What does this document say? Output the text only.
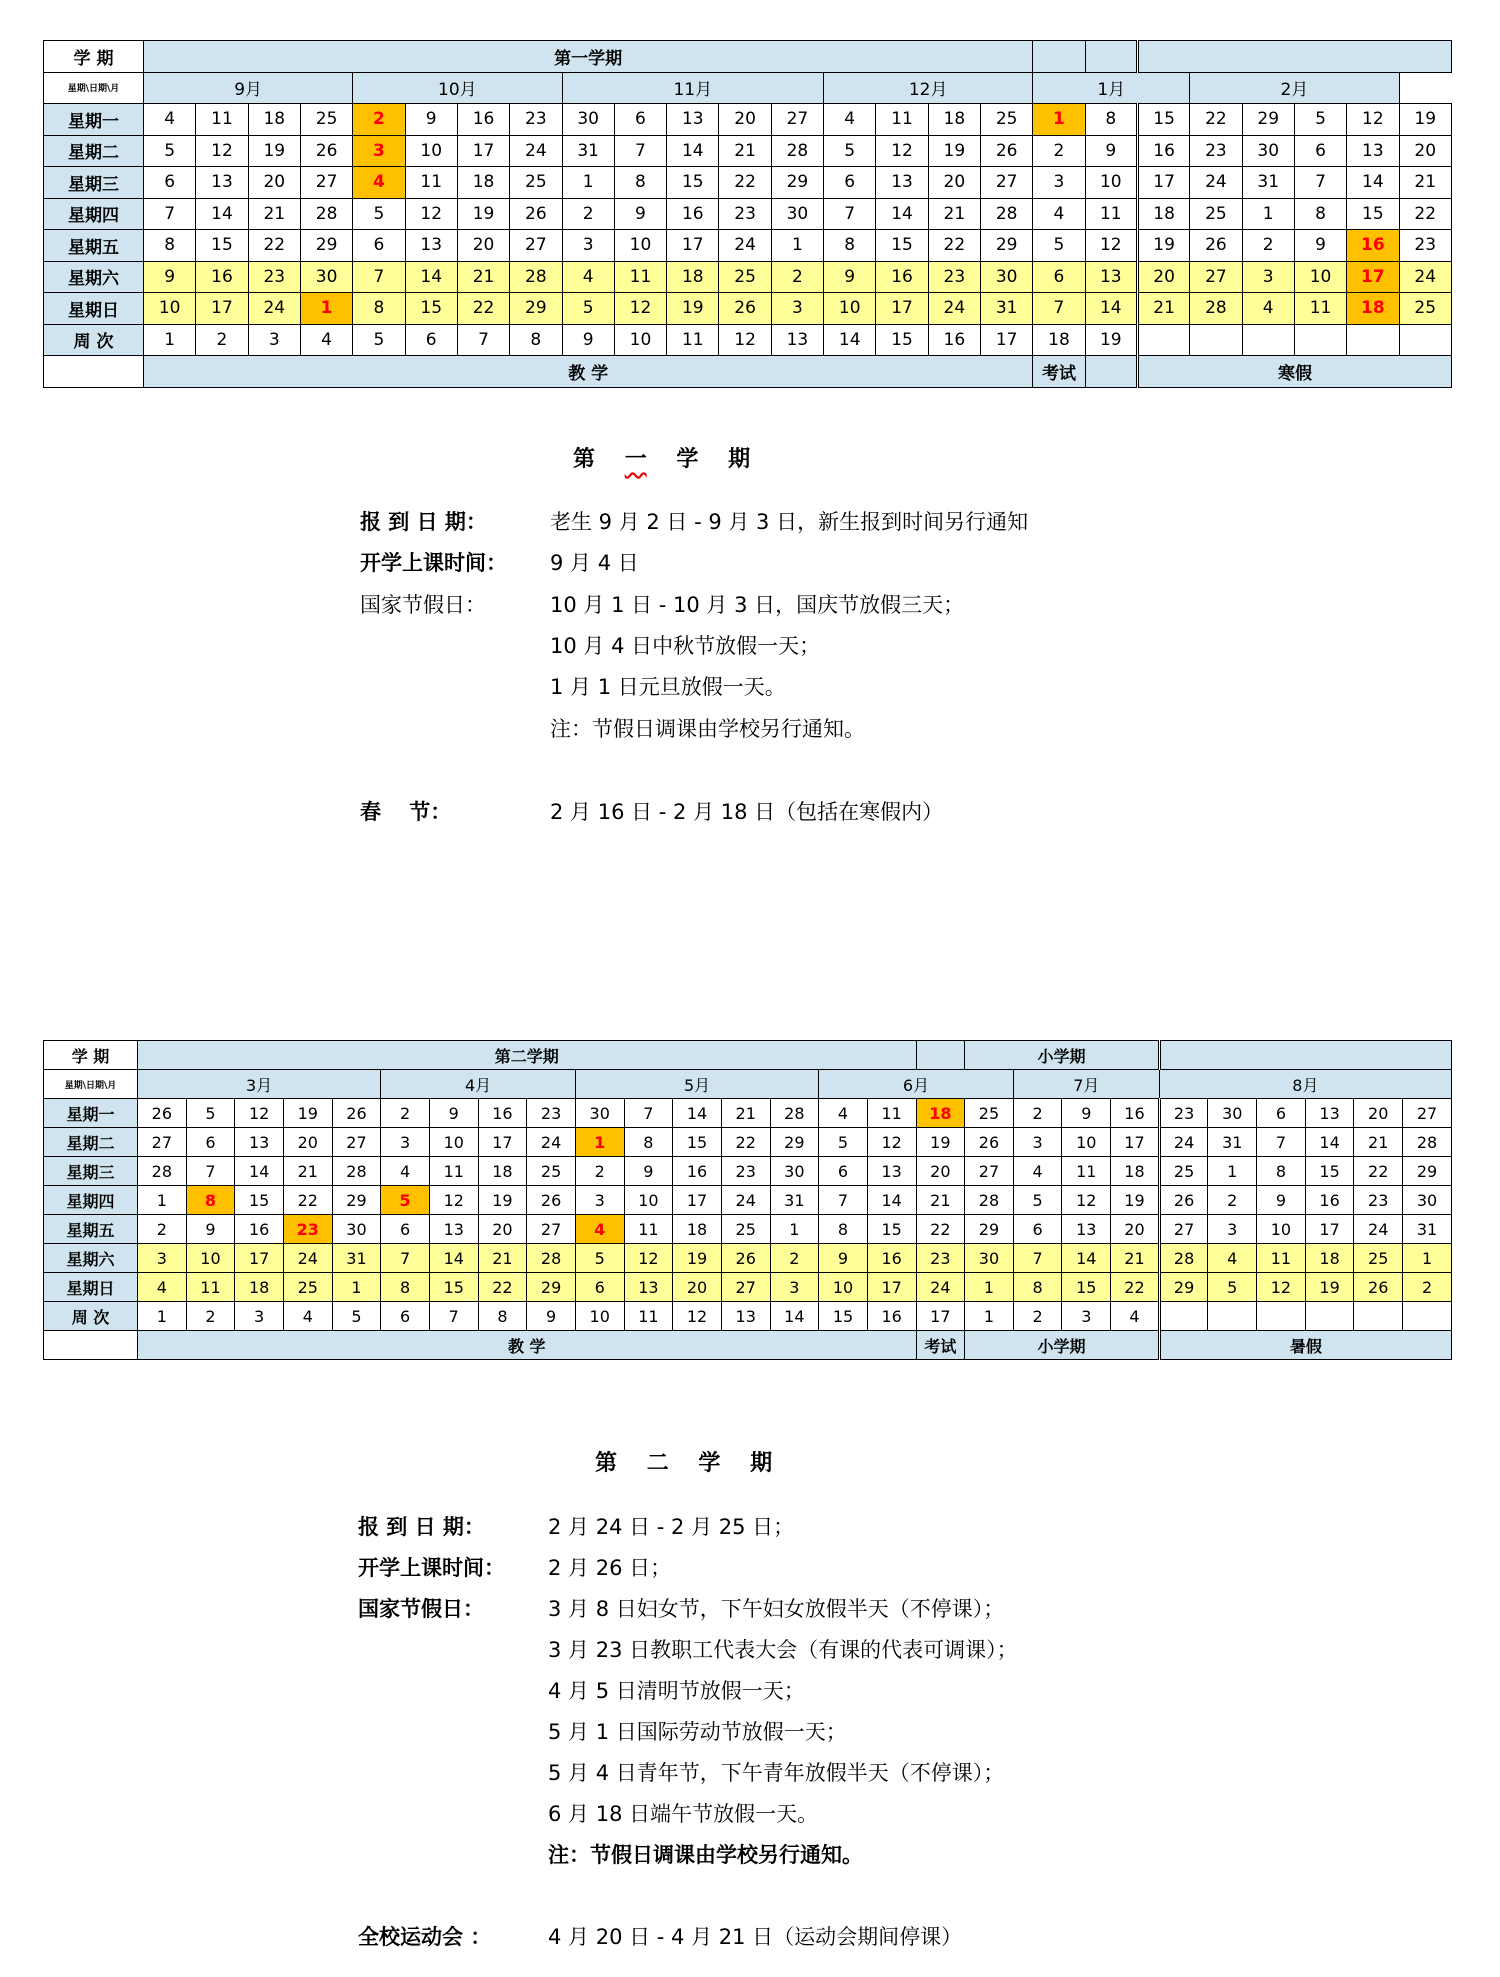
学 期	第一学期																								
星期\日期\月	9月				10月				11月					12月				1月			2月				
星期一	4	11	18	25	2	9	16	23	30	6	13	20	27	4	11	18	25	1	8	15	22	29	5	12	19
星期二	5	12	19	26	3	10	17	24	31	7	14	21	28	5	12	19	26	2	9	16	23	30	6	13	20
星期三	6	13	20	27	4	11	18	25	1	8	15	22	29	6	13	20	27	3	10	17	24	31	7	14	21
星期四	7	14	21	28	5	12	19	26	2	9	16	23	30	7	14	21	28	4	11	18	25	1	8	15	22
星期五	8	15	22	29	6	13	20	27	3	10	17	24	1	8	15	22	29	5	12	19	26	2	9	16	23
星期六	9	16	23	30	7	14	21	28	4	11	18	25	2	9	16	23	30	6	13	20	27	3	10	17	24
星期日	10	17	24	1	8	15	22	29	5	12	19	26	3	10	17	24	31	7	14	21	28	4	11	18	25
周 次	1	2	3	4	5	6	7	8	9	10	11	12	13	14	15	16	17	18	19						
	教 学																	考试		寒假					
第　 一　 学　 期
报 到 日 期：	老生 9 月 2 日 - 9 月 3 日，新生报到时间另行通知
开学上课时间： 9 月 4 日
国家节假日：	10 月 1 日 - 10 月 3 日，国庆节放假三天；
10 月 4 日中秋节放假一天；
1 月 1 日元旦放假一天。
注：节假日调课由学校另行通知。
春　 节：	2 月 16 日 - 2 月 18 日（包括在寒假内）
学 期	第二学期																	小学期									
星期\日期\月	3月					4月				5月					6月				7月			8月					
星期一	26	5	12	19	26	2	9	16	23	30	7	14	21	28	4	11	18	25	2	9	16	23	30	6	13	20	27
星期二	27	6	13	20	27	3	10	17	24	1	8	15	22	29	5	12	19	26	3	10	17	24	31	7	14	21	28
星期三	28	7	14	21	28	4	11	18	25	2	9	16	23	30	6	13	20	27	4	11	18	25	1	8	15	22	29
星期四	1	8	15	22	29	5	12	19	26	3	10	17	24	31	7	14	21	28	5	12	19	26	2	9	16	23	30
星期五	2	9	16	23	30	6	13	20	27	4	11	18	25	1	8	15	22	29	6	13	20	27	3	10	17	24	31
星期六	3	10	17	24	31	7	14	21	28	5	12	19	26	2	9	16	23	30	7	14	21	28	4	11	18	25	1
星期日	4	11	18	25	1	8	15	22	29	6	13	20	27	3	10	17	24	1	8	15	22	29	5	12	19	26	2
周 次	1	2	3	4	5	6	7	8	9	10	11	12	13	14	15	16	17	1	2	3	4						
	教 学																考试	小学期				暑假					
第　 二　 学　 期
报 到 日 期：	2 月 24 日 - 2 月 25 日；
开学上课时间： 2 月 26 日；
国家节假日：	3 月 8 日妇女节，下午妇女放假半天（不停课）；
3 月 23 日教职工代表大会（有课的代表可调课）；
4 月 5 日清明节放假一天；
5 月 1 日国际劳动节放假一天；
5 月 4 日青年节，下午青年放假半天（不停课）；
6 月 18 日端午节放假一天。
注：节假日调课由学校另行通知。
全校运动会 ：	4 月 20 日 - 4 月 21 日（运动会期间停课）
